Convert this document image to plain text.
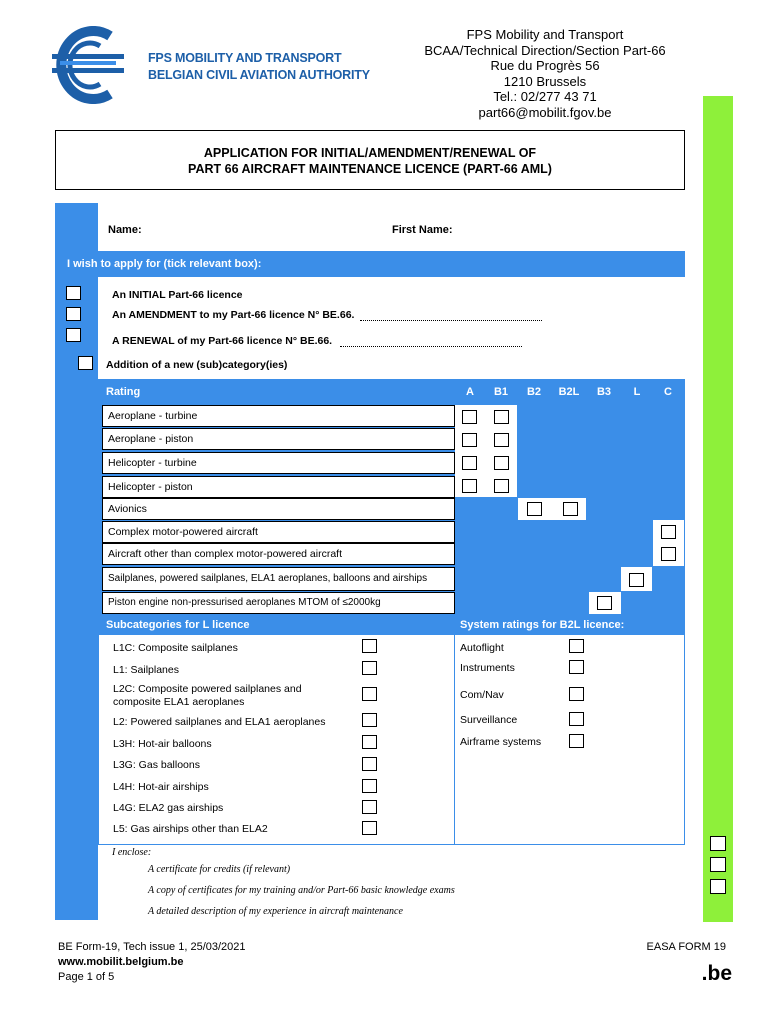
FPS MOBILITY AND TRANSPORT
BELGIAN CIVIL AVIATION AUTHORITY
FPS Mobility and Transport
BCAA/Technical Direction/Section Part-66
Rue du Progrès 56
1210 Brussels
Tel.: 02/277 43 71
part66@mobilit.fgov.be
APPLICATION FOR INITIAL/AMENDMENT/RENEWAL OF
PART 66 AIRCRAFT MAINTENANCE LICENCE (PART-66 AML)
Name:	First Name:
I wish to apply for (tick relevant box):
An INITIAL Part-66 licence
An AMENDMENT to my Part-66 licence N° BE.66.
A RENEWAL of my Part-66 licence N° BE.66.
Addition of a new (sub)category(ies)
Rating	A	B1	B2	B2L	B3	L	C
Aeroplane - turbine
Aeroplane - piston
Helicopter - turbine
Helicopter - piston
Avionics
Complex motor-powered aircraft
Aircraft other than complex motor-powered aircraft
Sailplanes, powered sailplanes, ELA1 aeroplanes, balloons and airships
Piston engine non-pressurised aeroplanes MTOM of ≤2000kg
Subcategories for L licence	System ratings for B2L licence:
L1C: Composite sailplanes
L1: Sailplanes
L2C: Composite powered sailplanes and composite ELA1 aeroplanes
L2: Powered sailplanes and ELA1 aeroplanes
L3H: Hot-air balloons
L3G: Gas balloons
L4H: Hot-air airships
L4G: ELA2 gas airships
L5: Gas airships other than ELA2
Autoflight
Instruments
Com/Nav
Surveillance
Airframe systems
I enclose:
A certificate for credits (if relevant)
A copy of certificates for my training and/or Part-66 basic knowledge exams
A detailed description of my experience in aircraft maintenance
BE Form-19, Tech issue 1, 25/03/2021
www.mobilit.belgium.be
Page 1 of 5
EASA FORM 19
.be
